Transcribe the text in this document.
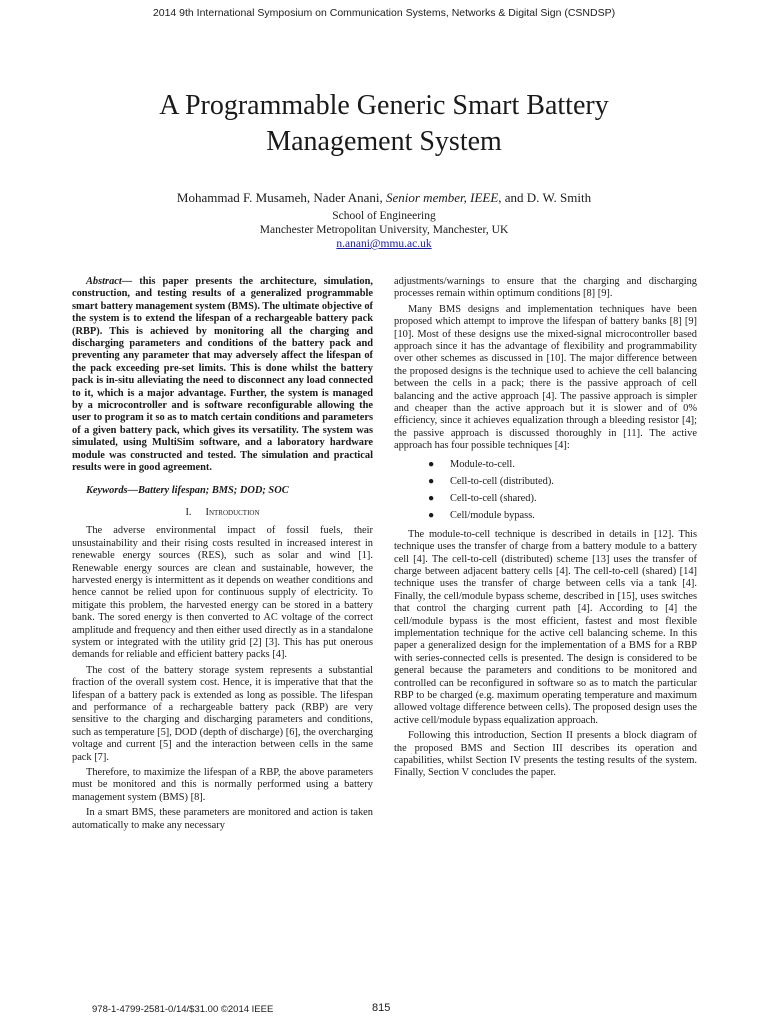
2014 9th International Symposium on Communication Systems, Networks & Digital Sign (CSNDSP)
A Programmable Generic Smart Battery
Management System
Mohammad F. Musameh, Nader Anani, Senior member, IEEE, and D. W. Smith
School of Engineering
Manchester Metropolitan University, Manchester, UK
n.anani@mmu.ac.uk
Abstract— this paper presents the architecture, simulation, construction, and testing results of a generalized programmable smart battery management system (BMS). The ultimate objective of the system is to extend the lifespan of a rechargeable battery pack (RBP). This is achieved by monitoring all the charging and discharging parameters and conditions of the battery pack and preventing any parameter that may adversely affect the lifespan of the pack exceeding pre-set limits. This is done whilst the battery pack is in-situ alleviating the need to disconnect any load connected to it, which is a major advantage. Further, the system is managed by a microcontroller and is software reconfigurable allowing the user to program it so as to match certain conditions and parameters of a given battery pack, which gives its versatility. The system was simulated, using MultiSim software, and a laboratory hardware module was constructed and tested. The simulation and practical results were in good agreement.
Keywords—Battery lifespan; BMS; DOD; SOC
I. Introduction

The adverse environmental impact of fossil fuels, their unsustainability and their rising costs resulted in increased interest in renewable energy sources (RES), such as solar and wind [1]. Renewable energy sources are clean and sustainable, however, the harvested energy is intermittent as it depends on weather conditions and hence cannot be relied upon for continuous supply of electricity. To mitigate this problem, the harvested energy can be stored in a battery bank. The sored energy is then converted to AC voltage of the correct amplitude and frequency and then either used directly as in a standalone system or integrated with the utility grid [2] [3]. This has put onerous demands for reliable and efficient battery packs [4].

The cost of the battery storage system represents a substantial fraction of the overall system cost. Hence, it is imperative that that the lifespan of a battery pack is extended as long as possible. The lifespan and performance of a rechargeable battery pack (RBP) are very sensitive to the charging and discharging parameters and conditions, such as temperature [5], DOD (depth of discharge) [6], the overcharging voltage and current [5] and the interaction between cells in the same pack [7].

Therefore, to maximize the lifespan of a RBP, the above parameters must be monitored and this is normally performed using a battery management system (BMS) [8].

In a smart BMS, these parameters are monitored and action is taken automatically to make any necessary

adjustments/warnings to ensure that the charging and discharging processes remain within optimum conditions [8] [9].

Many BMS designs and implementation techniques have been proposed which attempt to improve the lifespan of battery banks [8] [9] [10]. Most of these designs use the mixed-signal microcontroller based approach since it has the advantage of flexibility and programmability over other schemes as discussed in [10]. The major difference between the proposed designs is the technique used to achieve the cell balancing between the cells in a pack; there is the passive approach of cell balancing and the active approach [4]. The passive approach is simpler and cheaper than the active approach but it is slower and of 0% efficiency, since it achieves equalization through a bleeding resistor [4]; the passive approach is discussed thoroughly in [11]. The active approach has four possible techniques [4]:

● Module-to-cell.
● Cell-to-cell (distributed).
● Cell-to-cell (shared).
● Cell/module bypass.

The module-to-cell technique is described in details in [12]. This technique uses the transfer of charge from a battery module to a battery cell [4]. The cell-to-cell (distributed) scheme [13] uses the transfer of charge between adjacent battery cells [4]. The cell-to-cell (shared) [14] technique uses the transfer of charge between cells via a tank [4]. Finally, the cell/module bypass scheme, described in [15], uses switches that control the charging current path [4]. According to [4] the cell/module bypass is the most efficient, fastest and most flexible implementation technique for the active cell balancing scheme. In this paper a generalized design for the implementation of a BMS for a RBP with series-connected cells is presented. The design is considered to be general because the parameters and conditions to be monitored and controlled can be reconfigured in software so as to match the particular RBP to be charged (e.g. maximum operating temperature and maximum allowed voltage difference between cells). The proposed design uses the active cell/module bypass equalization approach.

Following this introduction, Section II presents a block diagram of the proposed BMS and Section III describes its operation and capabilities, whilst Section IV presents the testing results of the system. Finally, Section V concludes the paper.

978-1-4799-2581-0/14/$31.00 ©2014 IEEE	815
